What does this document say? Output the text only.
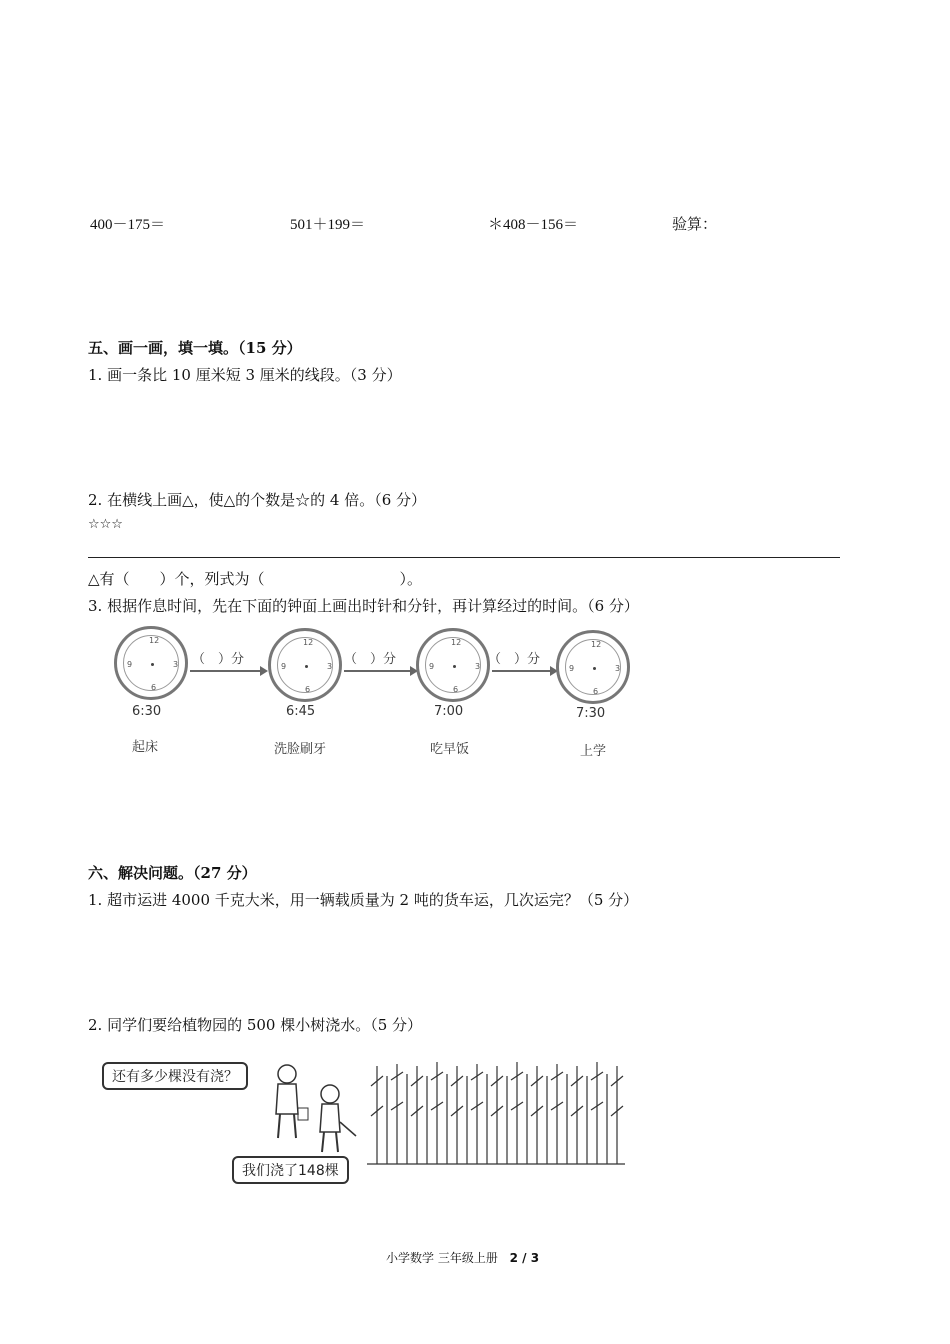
400－175＝	501＋199＝	＊408－156＝	验算：
五、画一画，填一填。（15 分）
1. 画一条比 10 厘米短 3 厘米的线段。（3 分）
2. 在横线上画△，使△的个数是☆的 4 倍。（6 分）
☆☆☆
△有（　　）个，列式为（　　　　　　　　　）。
3. 根据作息时间，先在下面的钟面上画出时针和分针，再计算经过的时间。（6 分）
12
3
6
9
6:30
起床
（　）分
12
3
6
9
6:45
洗脸刷牙
（　）分
12
3
6
9
7:00
吃早饭
（　）分
12
3
6
9
7:30
上学
六、解决问题。（27 分）
1. 超市运进 4000 千克大米，用一辆载质量为 2 吨的货车运，几次运完？（5 分）
2. 同学们要给植物园的 500 棵小树浇水。（5 分）
还有多少棵没有浇？
我们浇了148棵
小学数学 三年级上册 2 / 3
